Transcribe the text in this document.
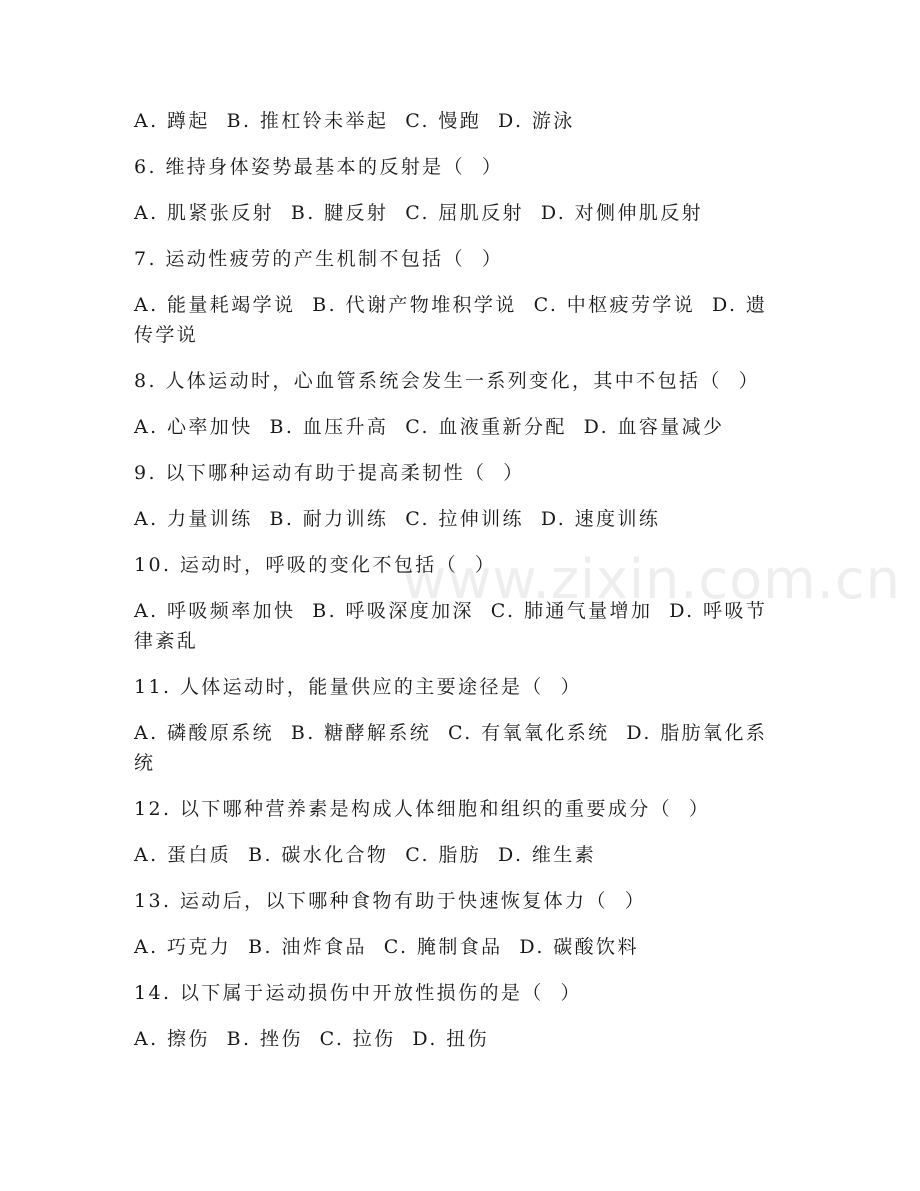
www.zixin.com.cn

A. 蹲起  B. 推杠铃未举起  C. 慢跑  D. 游泳

6. 维持身体姿势最基本的反射是（  ）

A. 肌紧张反射  B. 腱反射  C. 屈肌反射  D. 对侧伸肌反射

7. 运动性疲劳的产生机制不包括（  ）

A. 能量耗竭学说  B. 代谢产物堆积学说  C. 中枢疲劳学说  D. 遗传学说

8. 人体运动时，心血管系统会发生一系列变化，其中不包括（  ）

A. 心率加快  B. 血压升高  C. 血液重新分配  D. 血容量减少

9. 以下哪种运动有助于提高柔韧性（  ）

A. 力量训练  B. 耐力训练  C. 拉伸训练  D. 速度训练

10. 运动时，呼吸的变化不包括（  ）

A. 呼吸频率加快  B. 呼吸深度加深  C. 肺通气量增加  D. 呼吸节律紊乱

11. 人体运动时，能量供应的主要途径是（  ）

A. 磷酸原系统  B. 糖酵解系统  C. 有氧氧化系统  D. 脂肪氧化系统

12. 以下哪种营养素是构成人体细胞和组织的重要成分（  ）

A. 蛋白质  B. 碳水化合物  C. 脂肪  D. 维生素

13. 运动后，以下哪种食物有助于快速恢复体力（  ）

A. 巧克力  B. 油炸食品  C. 腌制食品  D. 碳酸饮料

14. 以下属于运动损伤中开放性损伤的是（  ）

A. 擦伤  B. 挫伤  C. 拉伤  D. 扭伤
